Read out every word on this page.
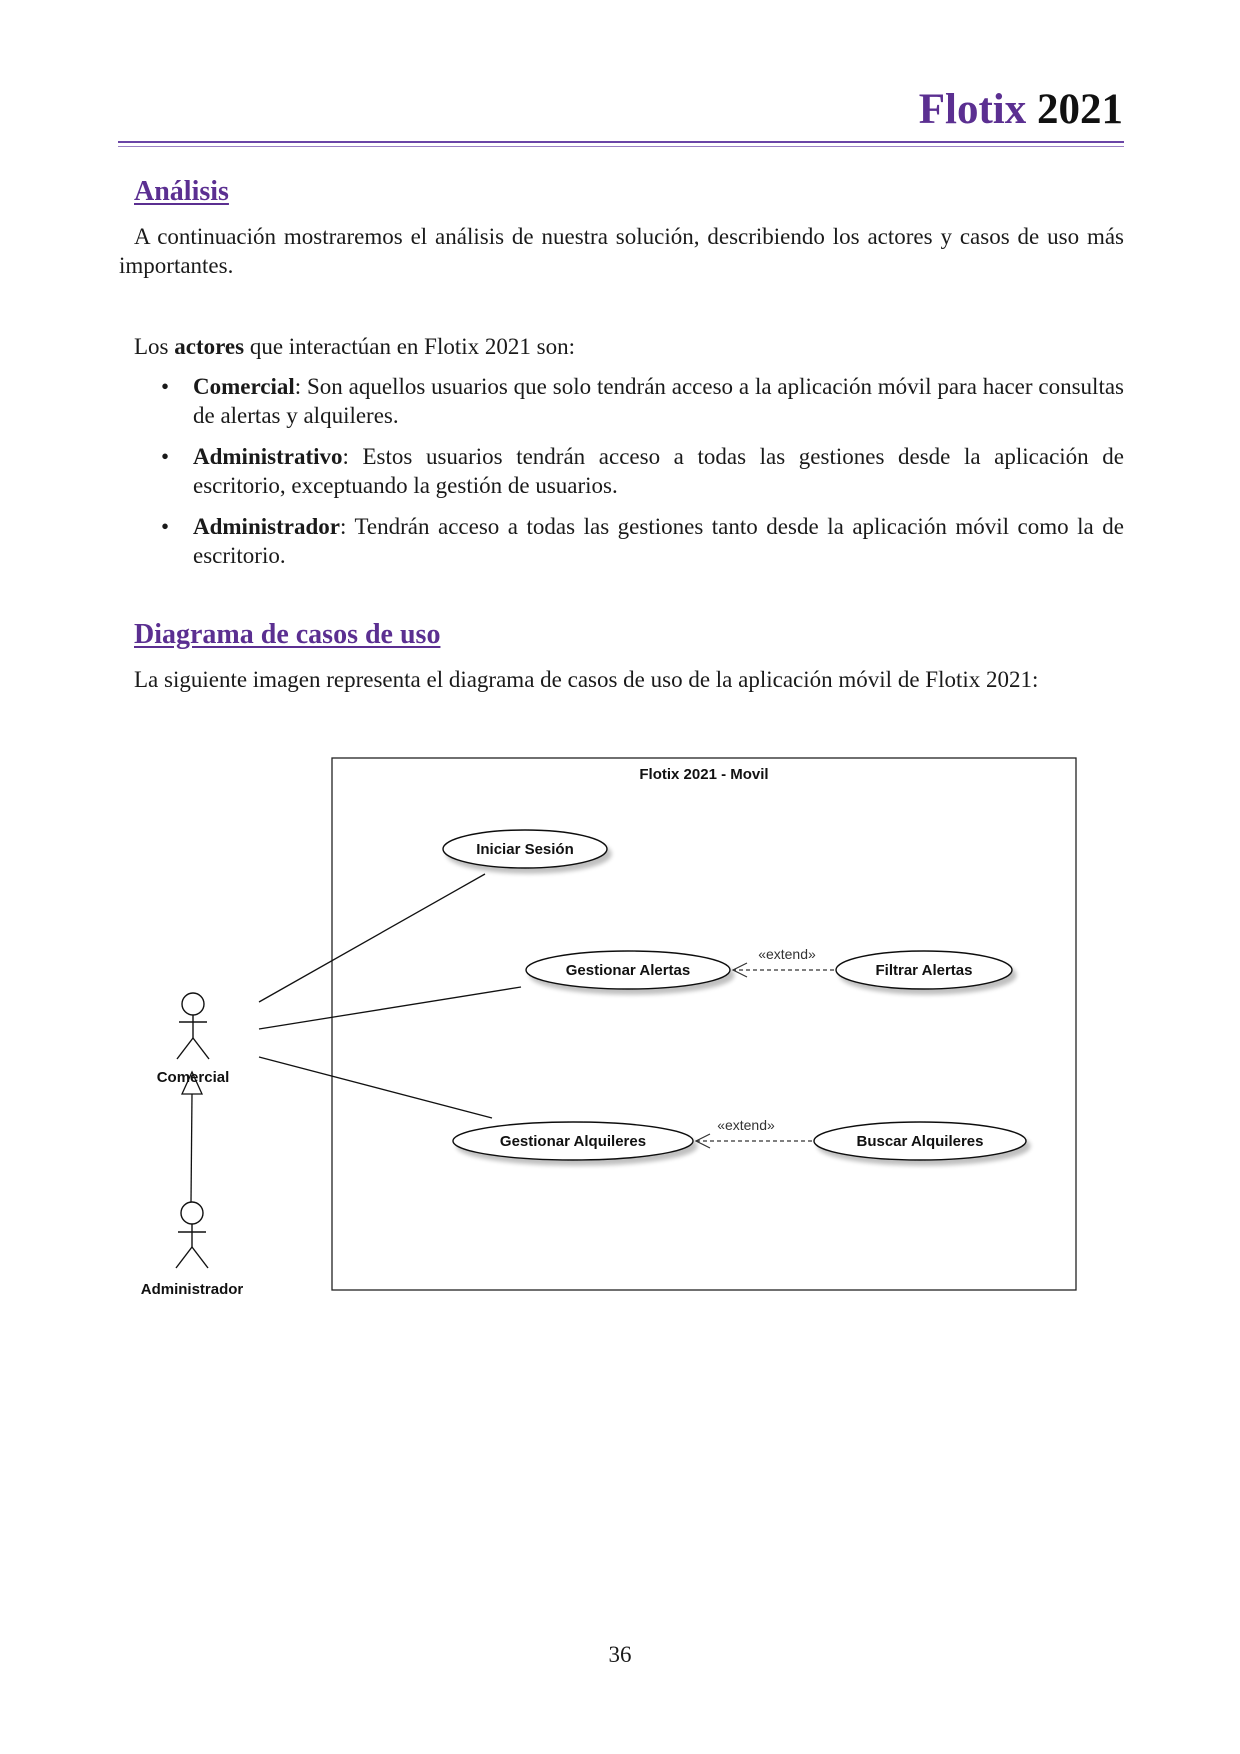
Flotix 2021
Análisis

A continuación mostraremos el análisis de nuestra solución, describiendo los actores y casos de uso más importantes.

Los actores que interactúan en Flotix 2021 son:

• Comercial: Son aquellos usuarios que solo tendrán acceso a la aplicación móvil para hacer consultas de alertas y alquileres.
• Administrativo: Estos usuarios tendrán acceso a todas las gestiones desde la aplicación de escritorio, exceptuando la gestión de usuarios.
• Administrador: Tendrán acceso a todas las gestiones tanto desde la aplicación móvil como la de escritorio.
Diagrama de casos de uso

La siguiente imagen representa el diagrama de casos de uso de la aplicación móvil de Flotix 2021:

Flotix 2021 - Movil
Comercial
Administrador
Iniciar Sesión
Gestionar Alertas	Filtrar Alertas
Gestionar Alquileres	Buscar Alquileres
«extend»
«extend»
36
